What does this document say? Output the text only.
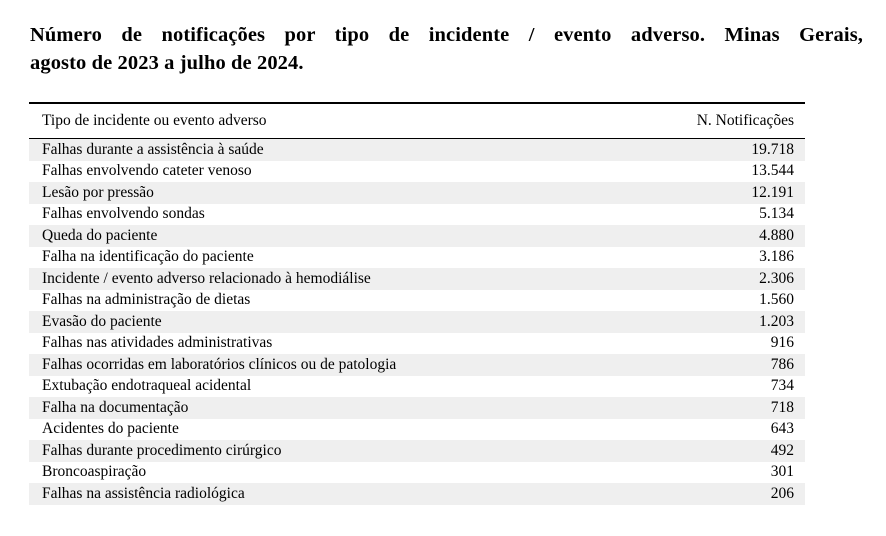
Número de notificações por tipo de incidente / evento adverso. Minas Gerais,
agosto de 2023 a julho de 2024.
Tipo de incidente ou evento adverso	N. Notificações
Falhas durante a assistência à saúde	19.718
Falhas envolvendo cateter venoso	13.544
Lesão por pressão	12.191
Falhas envolvendo sondas	5.134
Queda do paciente	4.880
Falha na identificação do paciente	3.186
Incidente / evento adverso relacionado à hemodiálise	2.306
Falhas na administração de dietas	1.560
Evasão do paciente	1.203
Falhas nas atividades administrativas	916
Falhas ocorridas em laboratórios clínicos ou de patologia	786
Extubação endotraqueal acidental	734
Falha na documentação	718
Acidentes do paciente	643
Falhas durante procedimento cirúrgico	492
Broncoaspiração	301
Falhas na assistência radiológica	206
